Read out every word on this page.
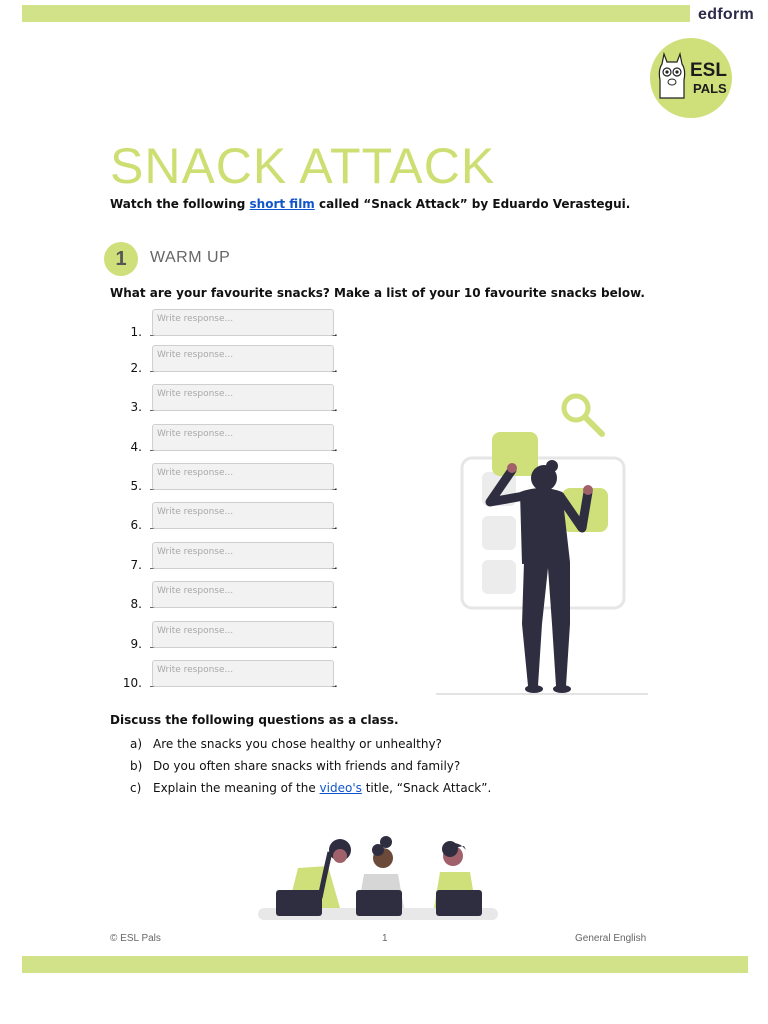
edform
ESL
PALS
SNACK ATTACK
Watch the following short film called “Snack Attack” by Eduardo Verastegui.
1	WARM UP
What are your favourite snacks? Make a list of your 10 favourite snacks below.
1.	.
Write response...
2.	.
Write response...
3.	.
Write response...
4.	.
Write response...
5.	.
Write response...
6.	.
Write response...
7.	.
Write response...
8.	.
Write response...
9.	.
Write response...
10.	.
Write response...
Discuss the following questions as a class.
a) Are the snacks you chose healthy or unhealthy?
b) Do you often share snacks with friends and family?
c) Explain the meaning of the video's title, “Snack Attack”.
© ESL Pals	1	General English
